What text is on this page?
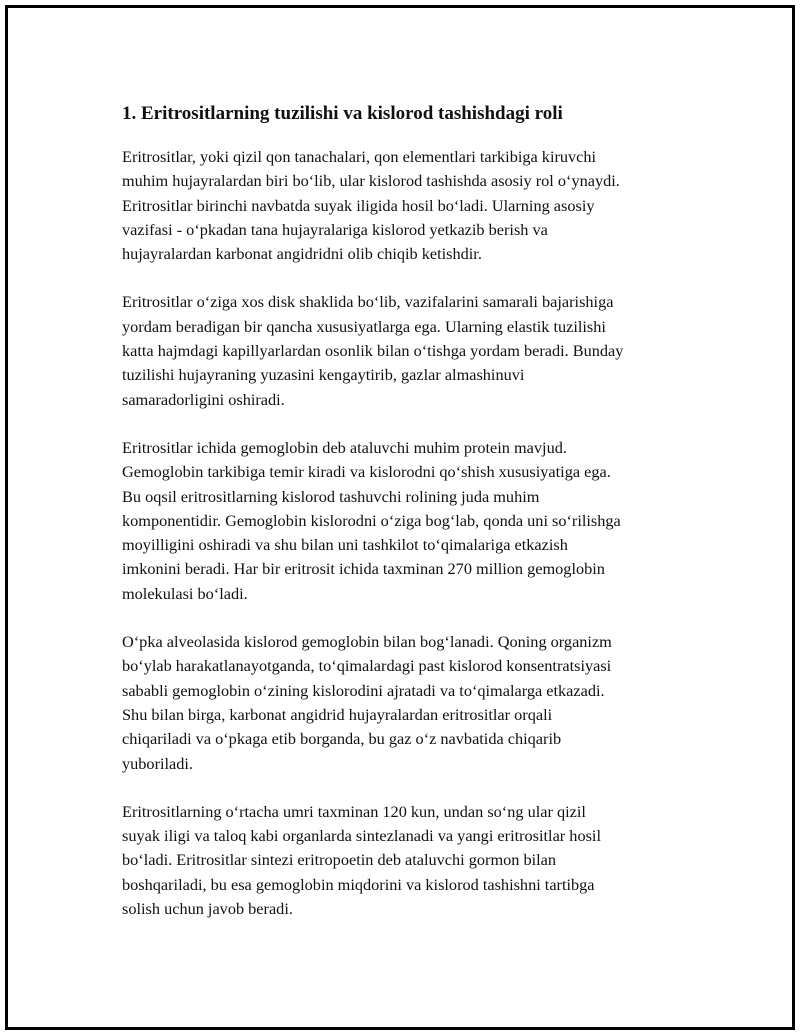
1. Eritrositlarning tuzilishi va kislorod tashishdagi roli

Eritrositlar, yoki qizil qon tanachalari, qon elementlari tarkibiga kiruvchi
muhim hujayralardan biri bo‘lib, ular kislorod tashishda asosiy rol o‘ynaydi.
Eritrositlar birinchi navbatda suyak iligida hosil bo‘ladi. Ularning asosiy
vazifasi - o‘pkadan tana hujayralariga kislorod yetkazib berish va
hujayralardan karbonat angidridni olib chiqib ketishdir.

Eritrositlar o‘ziga xos disk shaklida bo‘lib, vazifalarini samarali bajarishiga
yordam beradigan bir qancha xususiyatlarga ega. Ularning elastik tuzilishi
katta hajmdagi kapillyarlardan osonlik bilan o‘tishga yordam beradi. Bunday
tuzilishi hujayraning yuzasini kengaytirib, gazlar almashinuvi
samaradorligini oshiradi.

Eritrositlar ichida gemoglobin deb ataluvchi muhim protein mavjud.
Gemoglobin tarkibiga temir kiradi va kislorodni qo‘shish xususiyatiga ega.
Bu oqsil eritrositlarning kislorod tashuvchi rolining juda muhim
komponentidir. Gemoglobin kislorodni o‘ziga bog‘lab, qonda uni so‘rilishga
moyilligini oshiradi va shu bilan uni tashkilot to‘qimalariga etkazish
imkonini beradi. Har bir eritrosit ichida taxminan 270 million gemoglobin
molekulasi bo‘ladi.

O‘pka alveolasida kislorod gemoglobin bilan bog‘lanadi. Qoning organizm
bo‘ylab harakatlanayotganda, to‘qimalardagi past kislorod konsentratsiyasi
sababli gemoglobin o‘zining kislorodini ajratadi va to‘qimalarga etkazadi.
Shu bilan birga, karbonat angidrid hujayralardan eritrositlar orqali
chiqariladi va o‘pkaga etib borganda, bu gaz o‘z navbatida chiqarib
yuboriladi.

Eritrositlarning o‘rtacha umri taxminan 120 kun, undan so‘ng ular qizil
suyak iligi va taloq kabi organlarda sintezlanadi va yangi eritrositlar hosil
bo‘ladi. Eritrositlar sintezi eritropoetin deb ataluvchi gormon bilan
boshqariladi, bu esa gemoglobin miqdorini va kislorod tashishni tartibga
solish uchun javob beradi.
